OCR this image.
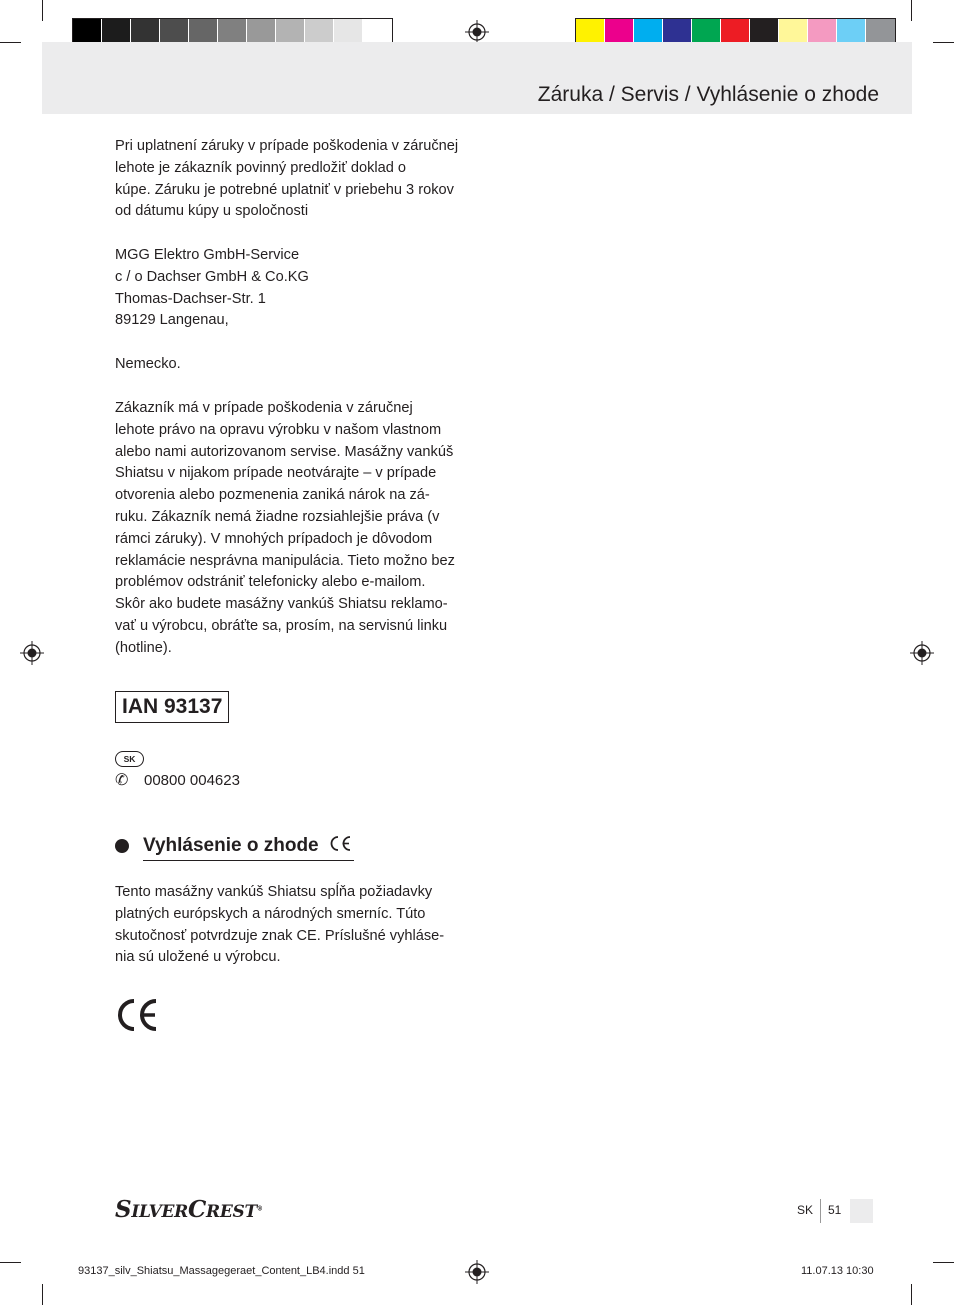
Záruka / Servis / Vyhlásenie o zhode

Pri uplatnení záruky v prípade poškodenia v záručnej

lehote je zákazník povinný predložiť doklad o

kúpe. Záruku je potrebné uplatniť v priebehu 3 rokov

od dátumu kúpy u spoločnosti

MGG Elektro GmbH-Service

c / o Dachser GmbH & Co.KG

Thomas-Dachser-Str. 1

89129 Langenau,

Nemecko.

Zákazník má v prípade poškodenia v záručnej

lehote právo na opravu výrobku v našom vlastnom

alebo nami autorizovanom servise. Masážny vankúš

Shiatsu v nijakom prípade neotvárajte – v prípade

otvorenia alebo pozmenenia zaniká nárok na zá-

ruku. Zákazník nemá žiadne rozsiahlejšie práva (v

rámci záruky). V mnohých prípadoch je dôvodom

reklamácie nesprávna manipulácia. Tieto možno bez

problémov odstrániť telefonicky alebo e-mailom.

Skôr ako budete masážny vankúš Shiatsu reklamo-

vať u výrobcu, obráťte sa, prosím, na servisnú linku

(hotline).

IAN 93137
SK
✆ 00800 004623
Vyhlásenie o zhode

Tento masážny vankúš Shiatsu spĺňa požiadavky

platných európskych a národných smerníc. Túto

skutočnosť potvrdzuje znak CE. Príslušné vyhláse-

nia sú uložené u výrobcu.

SILVERCREST®	SK 51
93137_silv_Shiatsu_Massagegeraet_Content_LB4.indd 51	11.07.13 10:30
